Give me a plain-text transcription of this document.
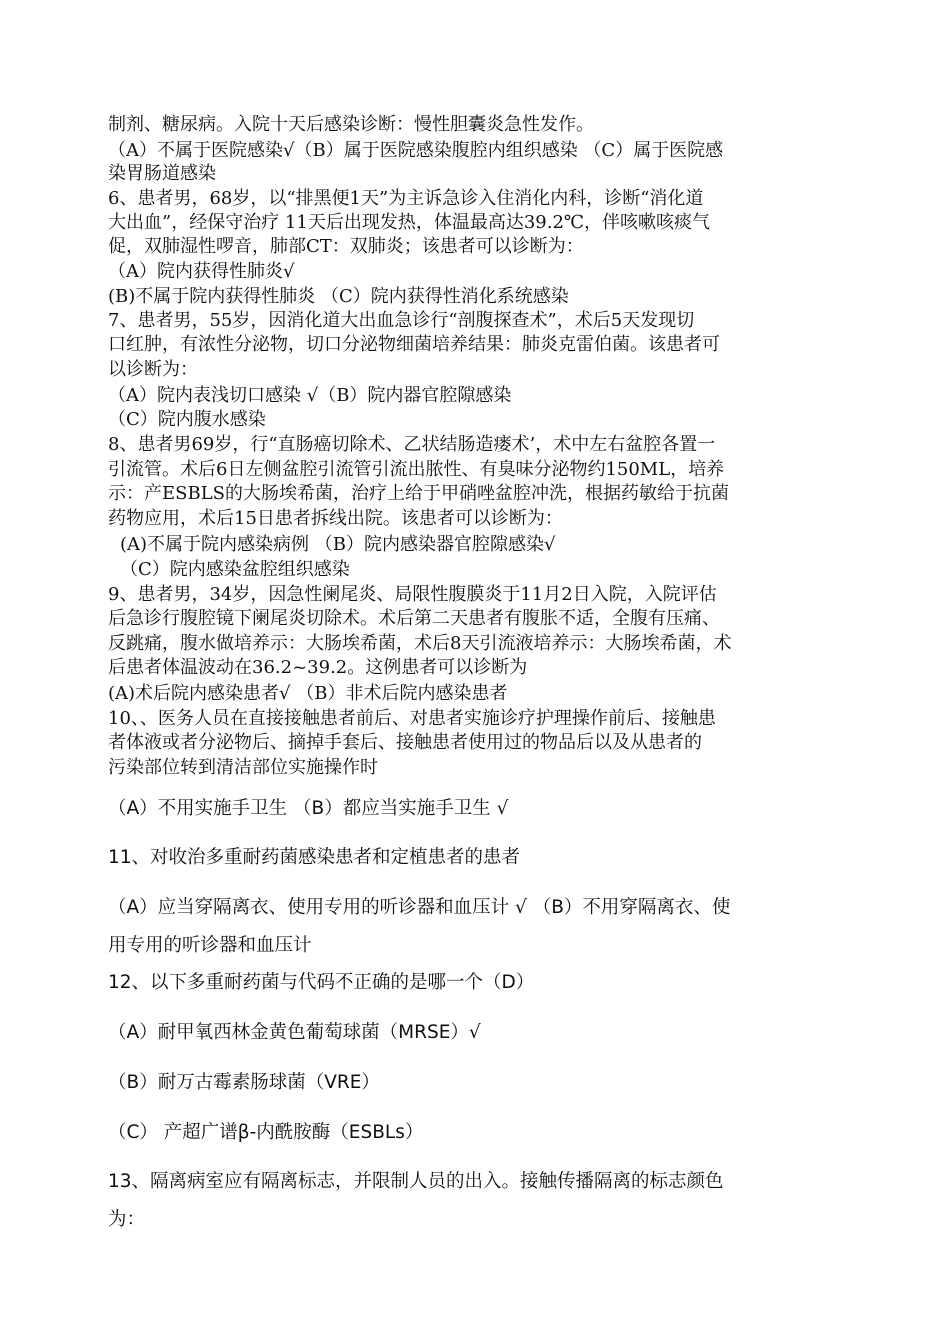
制剂、糖尿病。入院十天后感染诊断：慢性胆囊炎急性发作。
（A）不属于医院感染√（B）属于医院感染腹腔内组织感染 （C）属于医院感
染胃肠道感染
6、患者男，68岁，以“排黑便1天”为主诉急诊入住消化内科，诊断“消化道
大出血”，经保守治疗 11天后出现发热，体温最高达39.2℃，伴咳嗽咳痰气
促，双肺湿性啰音，肺部CT：双肺炎；该患者可以诊断为：
（A）院内获得性肺炎√
(B)不属于院内获得性肺炎 （C）院内获得性消化系统感染
7、患者男，55岁，因消化道大出血急诊行“剖腹探查术”，术后5天发现切
口红肿，有浓性分泌物，切口分泌物细菌培养结果：肺炎克雷伯菌。该患者可
以诊断为：
（A）院内表浅切口感染 √（B）院内器官腔隙感染
（C）院内腹水感染
8、患者男69岁，行“直肠癌切除术、乙状结肠造瘘术’，术中左右盆腔各置一
引流管。术后6日左侧盆腔引流管引流出脓性、有臭味分泌物约150ML，培养
示：产ESBLS的大肠埃希菌，治疗上给于甲硝唑盆腔冲洗，根据药敏给于抗菌
药物应用，术后15日患者拆线出院。该患者可以诊断为：
(A)不属于院内感染病例 （B）院内感染器官腔隙感染√
（C）院内感染盆腔组织感染
9、患者男，34岁，因急性阑尾炎、局限性腹膜炎于11月2日入院，入院评估
后急诊行腹腔镜下阑尾炎切除术。术后第二天患者有腹胀不适，全腹有压痛、
反跳痛，腹水做培养示：大肠埃希菌，术后8天引流液培养示：大肠埃希菌，术
后患者体温波动在36.2~39.2。这例患者可以诊断为
(A)术后院内感染患者√ （B）非术后院内感染患者
10、、医务人员在直接接触患者前后、对患者实施诊疗护理操作前后、接触患
者体液或者分泌物后、摘掉手套后、接触患者使用过的物品后以及从患者的
污染部位转到清洁部位实施操作时
（A）不用实施手卫生 （B）都应当实施手卫生 √
11、对收治多重耐药菌感染患者和定植患者的患者
（A）应当穿隔离衣、使用专用的听诊器和血压计 √ （B）不用穿隔离衣、使
用专用的听诊器和血压计
12、以下多重耐药菌与代码不正确的是哪一个（D）
（A）耐甲氧西林金黄色葡萄球菌（MRSE）√
（B）耐万古霉素肠球菌（VRE）
（C） 产超广谱β-内酰胺酶（ESBLs）
13、隔离病室应有隔离标志，并限制人员的出入。接触传播隔离的标志颜色
为：
